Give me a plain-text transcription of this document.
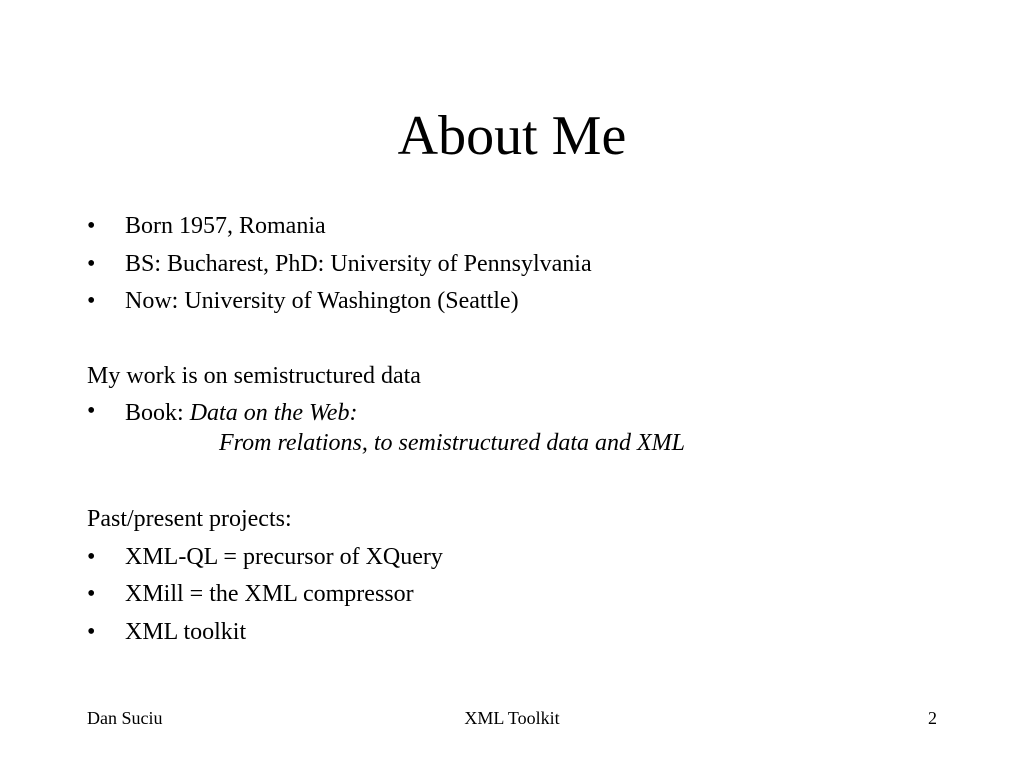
About Me
• Born 1957, Romania
• BS: Bucharest, PhD: University of Pennsylvania
• Now: University of Washington (Seattle)

My work is on semistructured data

• Book: Data on the Web:
From relations, to semistructured data and XML

Past/present projects:

• XML-QL = precursor of XQuery
• XMill = the XML compressor
• XML toolkit
Dan Suciu	XML Toolkit	2
